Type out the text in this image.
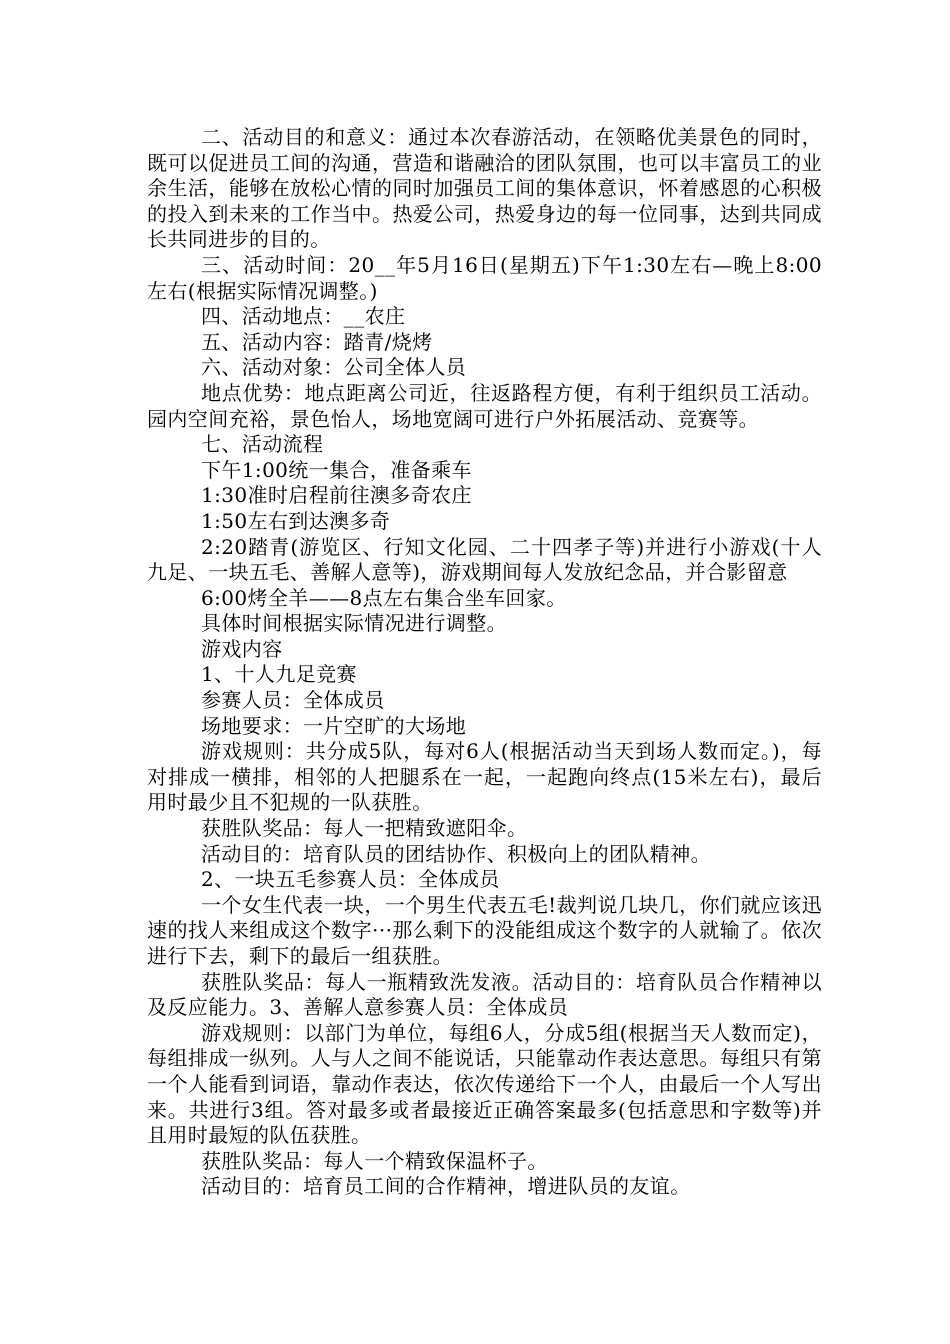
二、活动目的和意义：通过本次春游活动，在领略优美景色的同时，既可以促进员工间的沟通，营造和谐融洽的团队氛围，也可以丰富员工的业余生活，能够在放松心情的同时加强员工间的集体意识，怀着感恩的心积极的投入到未来的工作当中。热爱公司，热爱身边的每一位同事，达到共同成长共同进步的目的。

三、活动时间：20__年5月16日(星期五)下午1:30左右—晚上8:00左右(根据实际情况调整。)

四、活动地点：__农庄

五、活动内容：踏青/烧烤

六、活动对象：公司全体人员

地点优势：地点距离公司近，往返路程方便，有利于组织员工活动。园内空间充裕，景色怡人，场地宽阔可进行户外拓展活动、竞赛等。

七、活动流程

下午1:00统一集合，准备乘车

1:30准时启程前往澳多奇农庄

1:50左右到达澳多奇

2:20踏青(游览区、行知文化园、二十四孝子等)并进行小游戏(十人九足、一块五毛、善解人意等)，游戏期间每人发放纪念品，并合影留意

6:00烤全羊——8点左右集合坐车回家。

具体时间根据实际情况进行调整。

游戏内容

1、十人九足竞赛

参赛人员：全体成员

场地要求：一片空旷的大场地

游戏规则：共分成5队，每对6人(根据活动当天到场人数而定。)，每对排成一横排，相邻的人把腿系在一起，一起跑向终点(15米左右)，最后用时最少且不犯规的一队获胜。

获胜队奖品：每人一把精致遮阳伞。

活动目的：培育队员的团结协作、积极向上的团队精神。

2、一块五毛参赛人员：全体成员

一个女生代表一块，一个男生代表五毛!裁判说几块几，你们就应该迅速的找人来组成这个数字···那么剩下的没能组成这个数字的人就输了。依次进行下去，剩下的最后一组获胜。

获胜队奖品：每人一瓶精致洗发液。活动目的：培育队员合作精神以及反应能力。3、善解人意参赛人员：全体成员

游戏规则：以部门为单位，每组6人，分成5组(根据当天人数而定)，每组排成一纵列。人与人之间不能说话，只能靠动作表达意思。每组只有第一个人能看到词语，靠动作表达，依次传递给下一个人，由最后一个人写出来。共进行3组。答对最多或者最接近正确答案最多(包括意思和字数等)并且用时最短的队伍获胜。

获胜队奖品：每人一个精致保温杯子。

活动目的：培育员工间的合作精神，增进队员的友谊。
